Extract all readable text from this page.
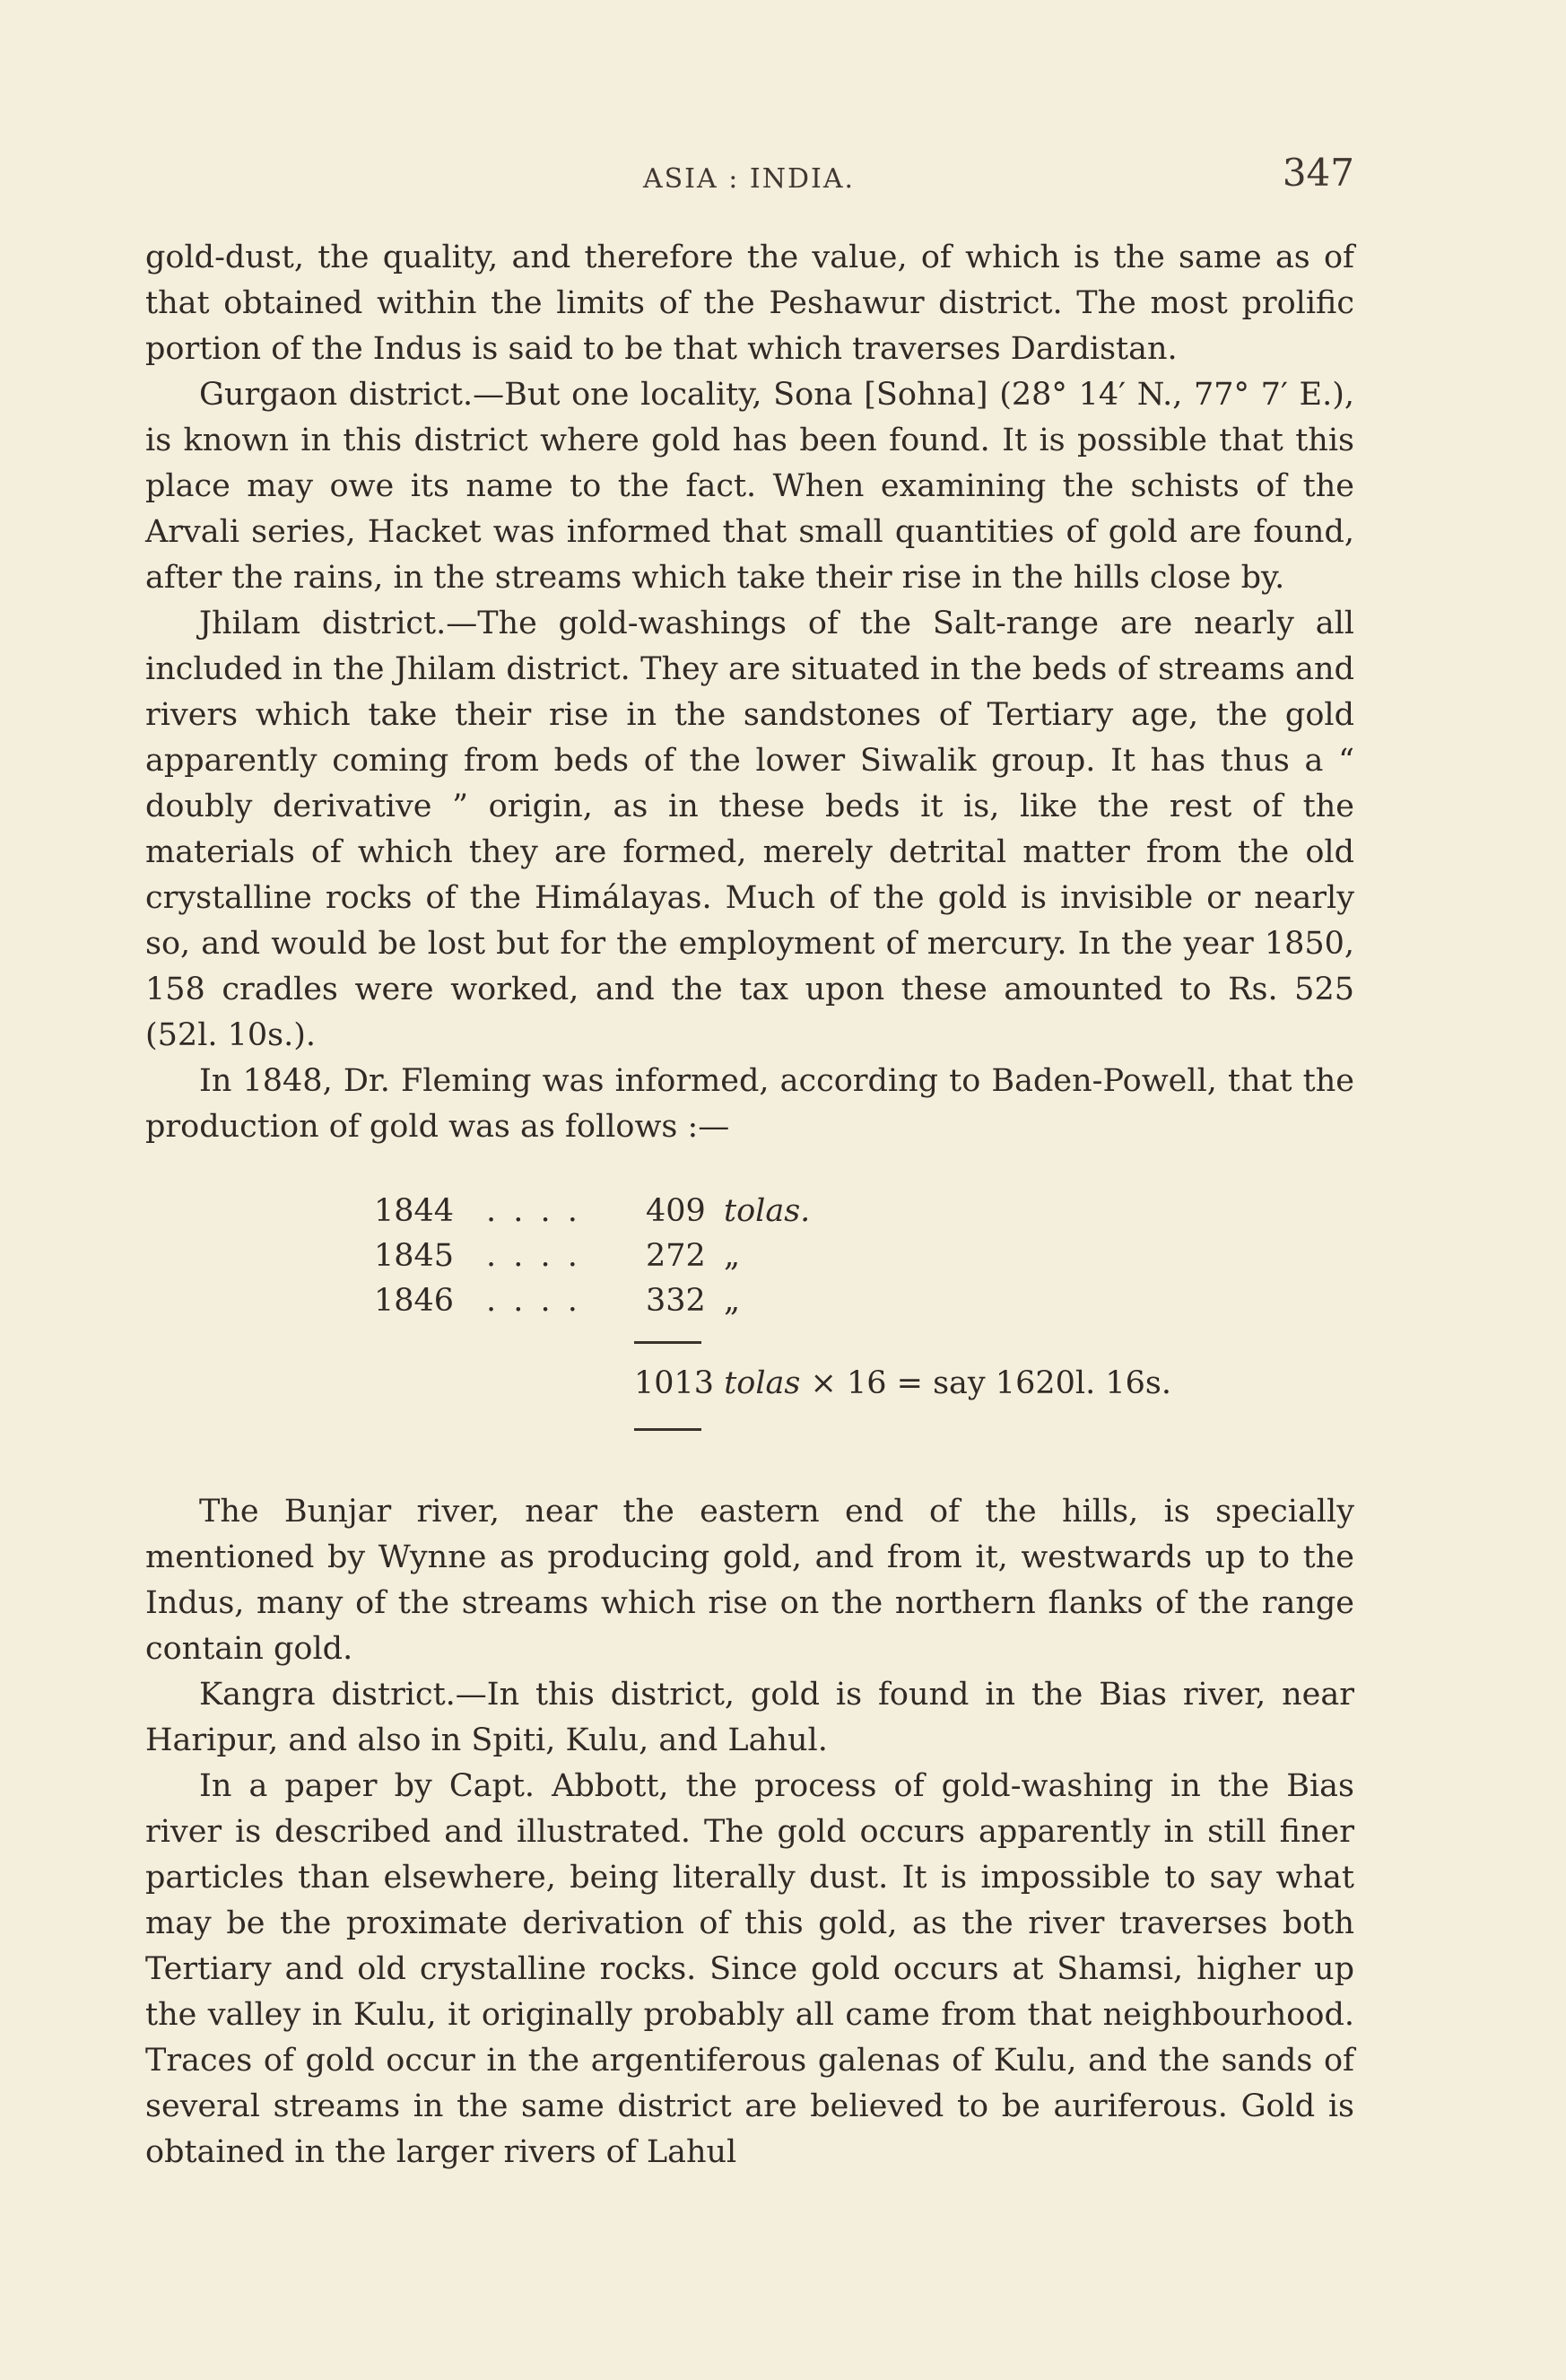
ASIA : INDIA.	347

gold-dust, the quality, and therefore the value, of which is the same as of that obtained within the limits of the Peshawur district. The most prolific portion of the Indus is said to be that which traverses Dardistan.

Gurgaon district.—But one locality, Sona [Sohna] (28° 14′ N., 77° 7′ E.), is known in this district where gold has been found. It is possible that this place may owe its name to the fact. When examining the schists of the Arvali series, Hacket was informed that small quantities of gold are found, after the rains, in the streams which take their rise in the hills close by.

Jhilam district.—The gold-washings of the Salt-range are nearly all included in the Jhilam district. They are situated in the beds of streams and rivers which take their rise in the sandstones of Tertiary age, the gold apparently coming from beds of the lower Siwalik group. It has thus a “ doubly derivative ” origin, as in these beds it is, like the rest of the materials of which they are formed, merely detrital matter from the old crystalline rocks of the Himálayas. Much of the gold is invisible or nearly so, and would be lost but for the employment of mercury. In the year 1850, 158 cradles were worked, and the tax upon these amounted to Rs. 525 (52l. 10s.).

In 1848, Dr. Fleming was informed, according to Baden-Powell, that the production of gold was as follows :—

1844 . . . . 409 tolas.
1845 . . . . 272 „
1846 . . . . 332 „
1013 tolas × 16 = say 1620l. 16s.

The Bunjar river, near the eastern end of the hills, is specially mentioned by Wynne as producing gold, and from it, westwards up to the Indus, many of the streams which rise on the northern flanks of the range contain gold.

Kangra district.—In this district, gold is found in the Bias river, near Haripur, and also in Spiti, Kulu, and Lahul.

In a paper by Capt. Abbott, the process of gold-washing in the Bias river is described and illustrated. The gold occurs apparently in still finer particles than elsewhere, being literally dust. It is impossible to say what may be the proximate derivation of this gold, as the river traverses both Tertiary and old crystalline rocks. Since gold occurs at Shamsi, higher up the valley in Kulu, it originally probably all came from that neighbourhood. Traces of gold occur in the argentiferous galenas of Kulu, and the sands of several streams in the same district are believed to be auriferous. Gold is obtained in the larger rivers of Lahul
